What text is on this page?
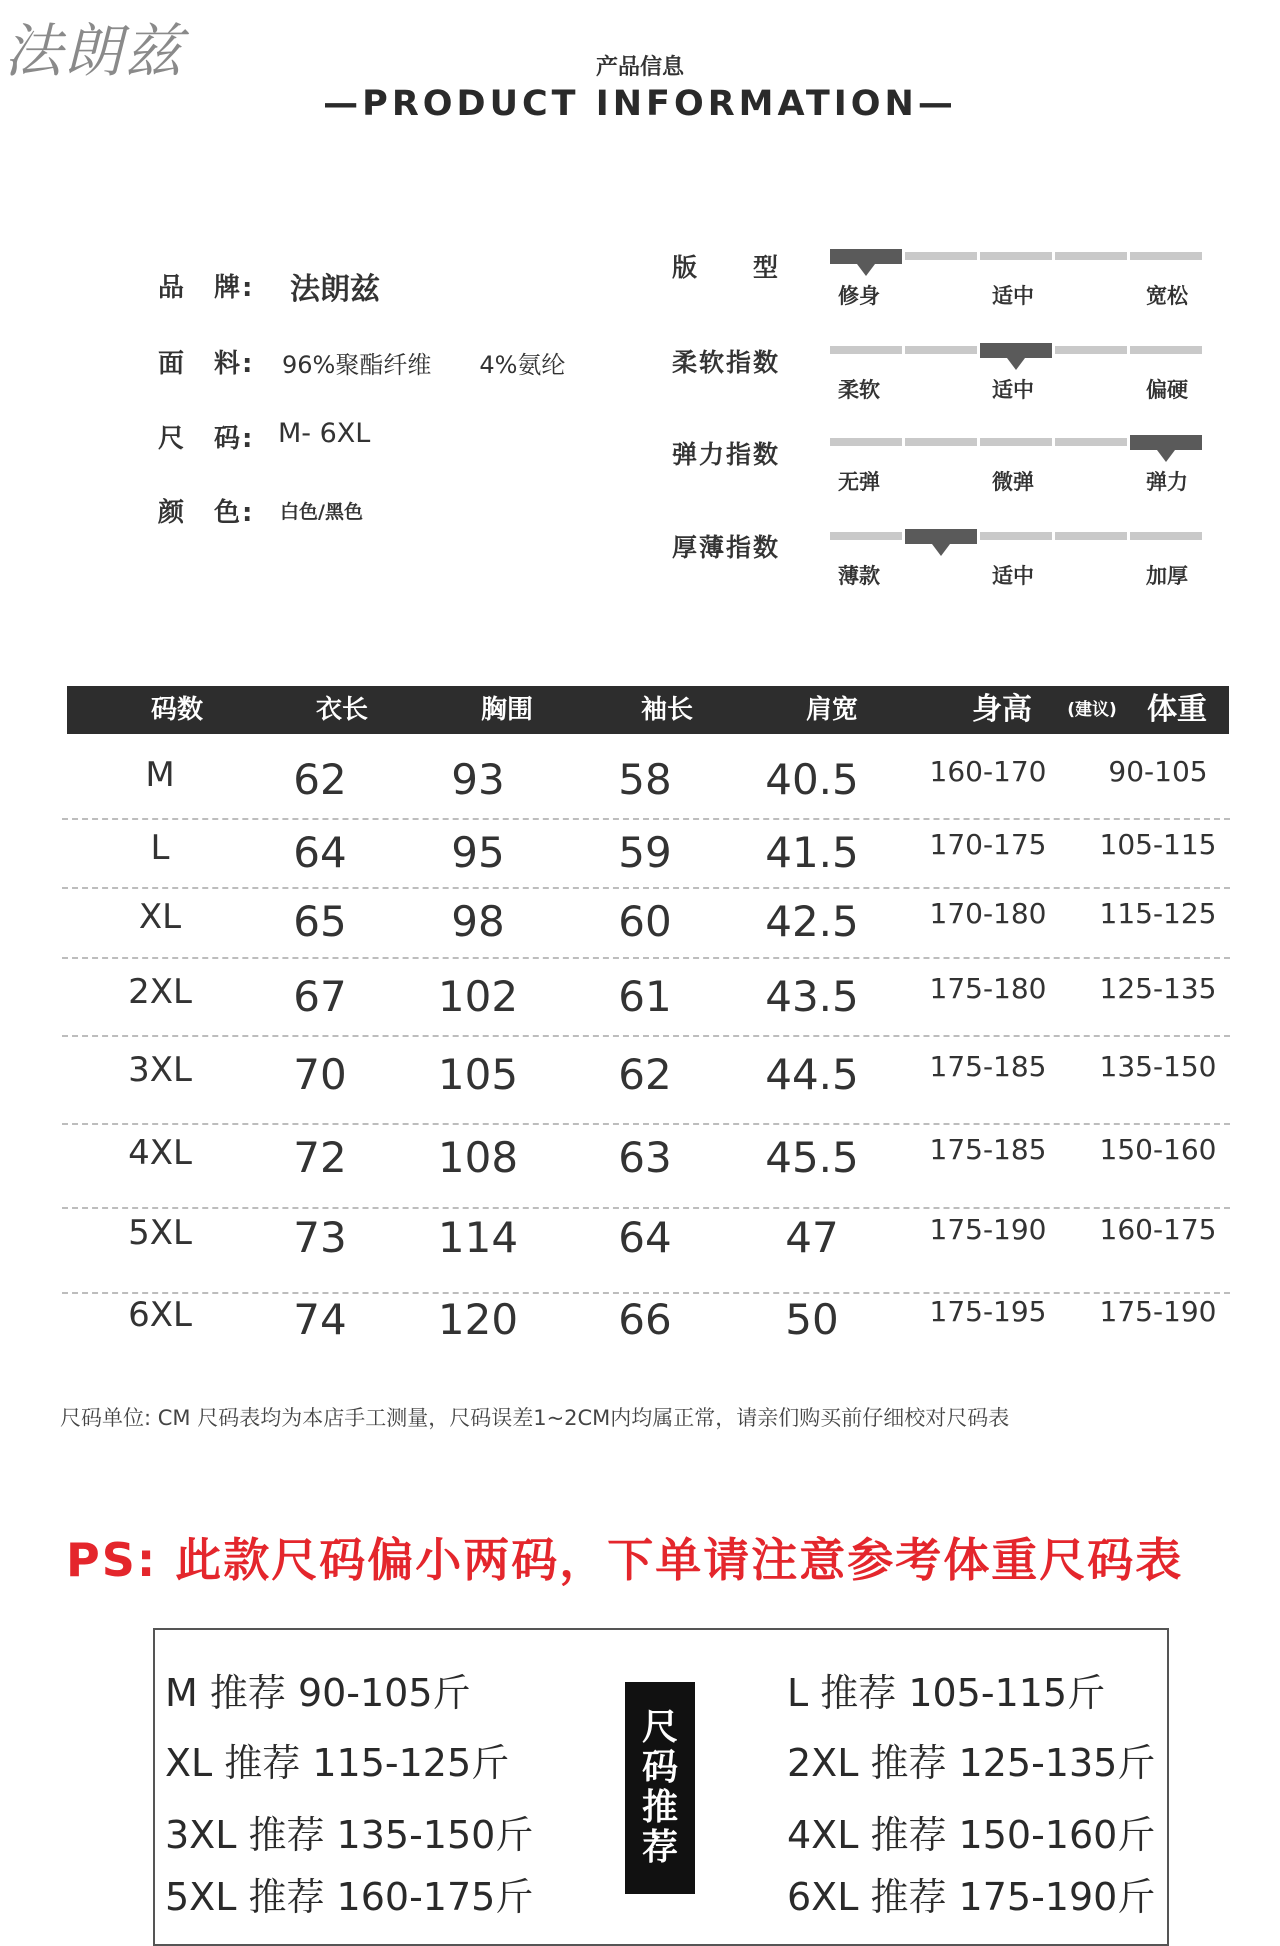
法朗兹	产品信息
—PRODUCT INFORMATION—
品　牌: 法朗兹
面　料: 96%聚酯纤维　　4%氨纶
尺　码: M- 6XL
颜　色: 白色/黑色
版　　型
修身	适中	宽松
柔软指数
柔软	适中	偏硬
弹力指数
无弹	微弹	弹力
厚薄指数
薄款	适中	加厚
码数	衣长	胸围	袖长	肩宽	身高	(建议)	体重
M	62	93	58	40.5	160-170	90-105
L	64	95	59	41.5	170-175	105-115
XL	65	98	60	42.5	170-180	115-125
2XL	67	102	61	43.5	175-180	125-135
3XL	70	105	62	44.5	175-185	135-150
4XL	72	108	63	45.5	175-185	150-160
5XL	73	114	64	47	175-190	160-175
6XL	74	120	66	50	175-195	175-190
尺码单位: CM 尺码表均为本店手工测量，尺码误差1~2CM内均属正常，请亲们购买前仔细校对尺码表
PS: 此款尺码偏小两码，下单请注意参考体重尺码表
尺
码
推
荐
M 推荐 90-105斤
XL 推荐 115-125斤
3XL 推荐 135-150斤
5XL 推荐 160-175斤
L 推荐 105-115斤
2XL 推荐 125-135斤
4XL 推荐 150-160斤
6XL 推荐 175-190斤
